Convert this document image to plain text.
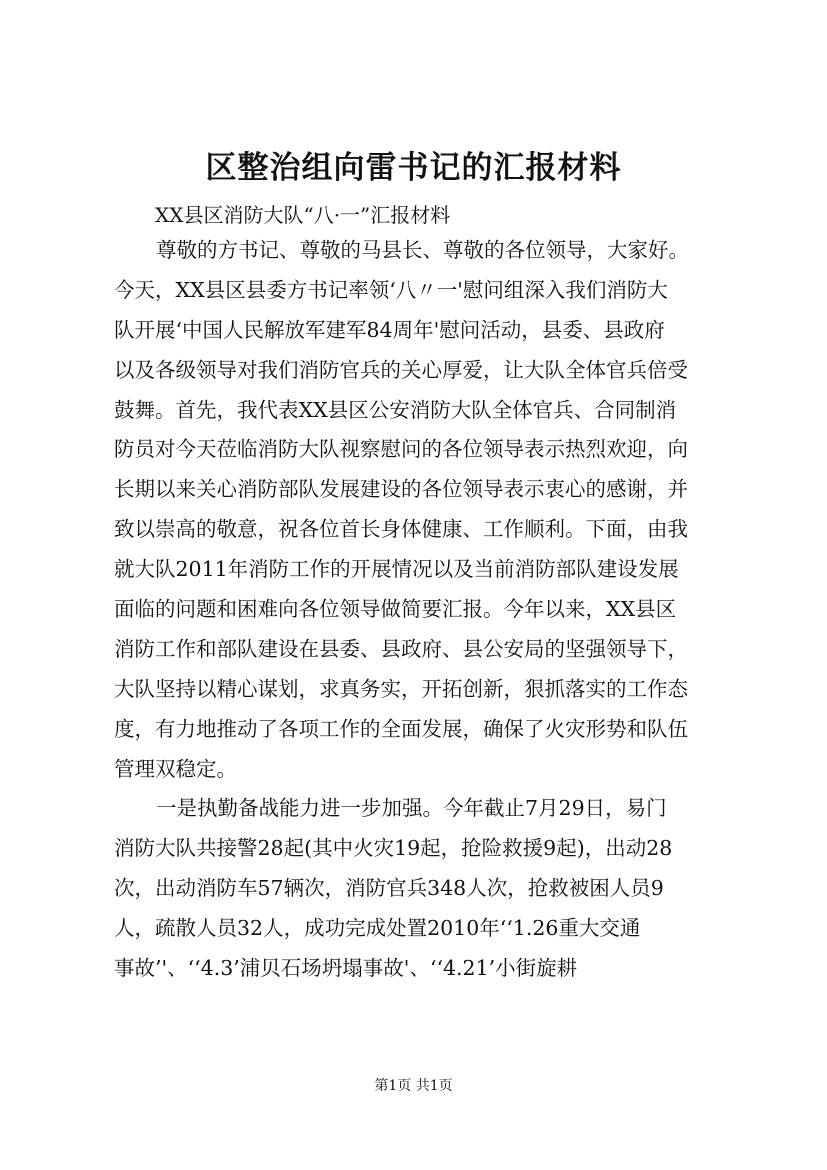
区整治组向雷书记的汇报材料
XX县区消防大队“八·一”汇报材料
尊敬的方书记、尊敬的马县长、尊敬的各位领导，大家好。
今天，XX县区县委方书记率领‘八〃一'慰问组深入我们消防大
队开展‘中国人民解放军建军84周年'慰问活动，县委、县政府
以及各级领导对我们消防官兵的关心厚爱，让大队全体官兵倍受
鼓舞。首先，我代表XX县区公安消防大队全体官兵、合同制消
防员对今天莅临消防大队视察慰问的各位领导表示热烈欢迎，向
长期以来关心消防部队发展建设的各位领导表示衷心的感谢，并
致以崇高的敬意，祝各位首长身体健康、工作顺利。下面，由我
就大队2011年消防工作的开展情况以及当前消防部队建设发展
面临的问题和困难向各位领导做简要汇报。今年以来，XX县区
消防工作和部队建设在县委、县政府、县公安局的坚强领导下，
大队坚持以精心谋划，求真务实，开拓创新，狠抓落实的工作态
度，有力地推动了各项工作的全面发展，确保了火灾形势和队伍
管理双稳定。
一是执勤备战能力进一步加强。今年截止7月29日，易门
消防大队共接警28起(其中火灾19起，抢险救援9起)，出动28
次，出动消防车57辆次，消防官兵348人次，抢救被困人员9
人，疏散人员32人，成功完成处置2010年‘‘1.26重大交通
事故’'、‘‘4.3’浦贝石场坍塌事故'、‘‘4.21’小街旋耕
第1页 共1页
